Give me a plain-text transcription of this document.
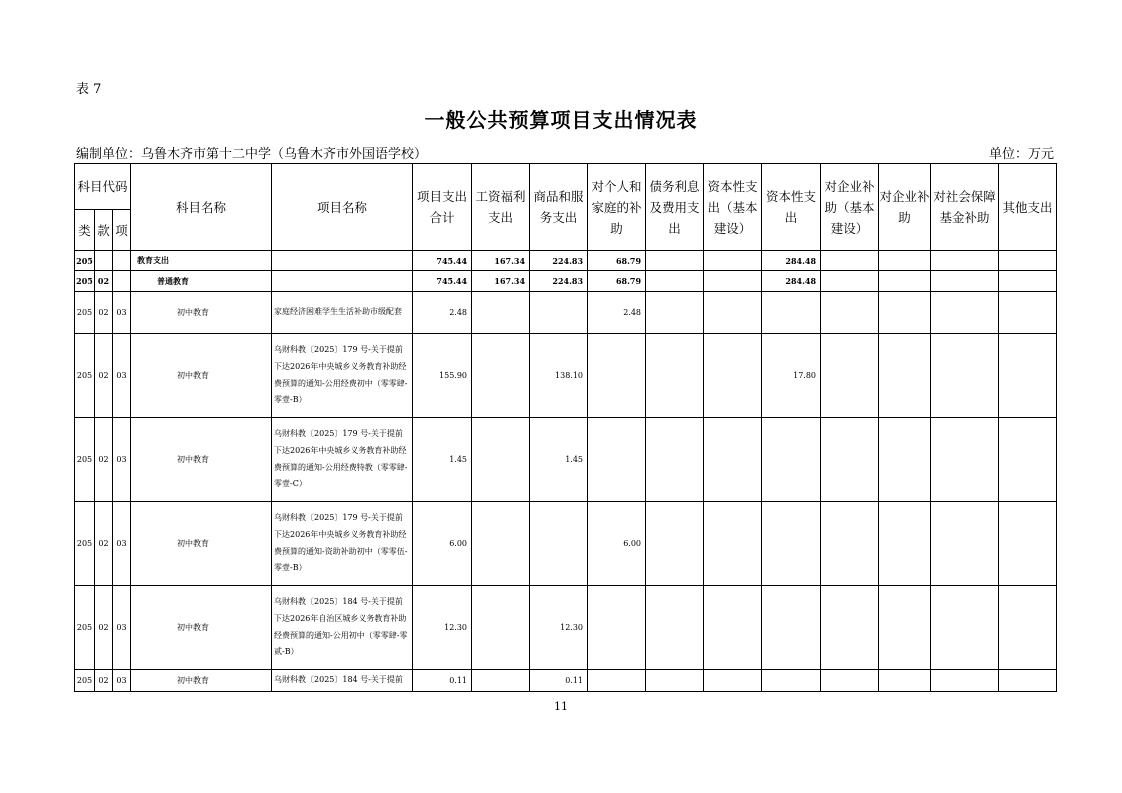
表 7
一般公共预算项目支出情况表
编制单位：乌鲁木齐市第十二中学（乌鲁木齐市外国语学校）	单位：万元
科目代码			科目名称	项目名称	项目支出合计	工资福利支出	商品和服务支出	对个人和家庭的补助	债务利息及费用支出	资本性支出（基本建设）	资本性支出	对企业补助（基本建设）	对企业补助	对社会保障基金补助	其他支出
类	款	项													
205			教育支出		745.44	167.34	224.83	68.79			284.48				
205	02		普通教育		745.44	167.34	224.83	68.79			284.48				
205	02	03	初中教育	家庭经济困难学生生活补助市级配套	2.48			2.48							
205	02	03	初中教育	乌财科教〔2025〕179 号-关于提前下达2026年中央城乡义务教育补助经费预算的通知-公用经费初中（零零肆-零壹-B）	155.90		138.10				17.80				
205	02	03	初中教育	乌财科教〔2025〕179 号-关于提前下达2026年中央城乡义务教育补助经费预算的通知-公用经费特教（零零肆-零壹-C）	1.45		1.45								
205	02	03	初中教育	乌财科教〔2025〕179 号-关于提前下达2026年中央城乡义务教育补助经费预算的通知-资助补助初中（零零伍-零壹-B）	6.00			6.00							
205	02	03	初中教育	乌财科教〔2025〕184 号-关于提前下达2026年自治区城乡义务教育补助经费预算的通知-公用初中（零零肆-零贰-B）	12.30		12.30								
205	02	03	初中教育	乌财科教〔2025〕184 号-关于提前	0.11		0.11								
11
